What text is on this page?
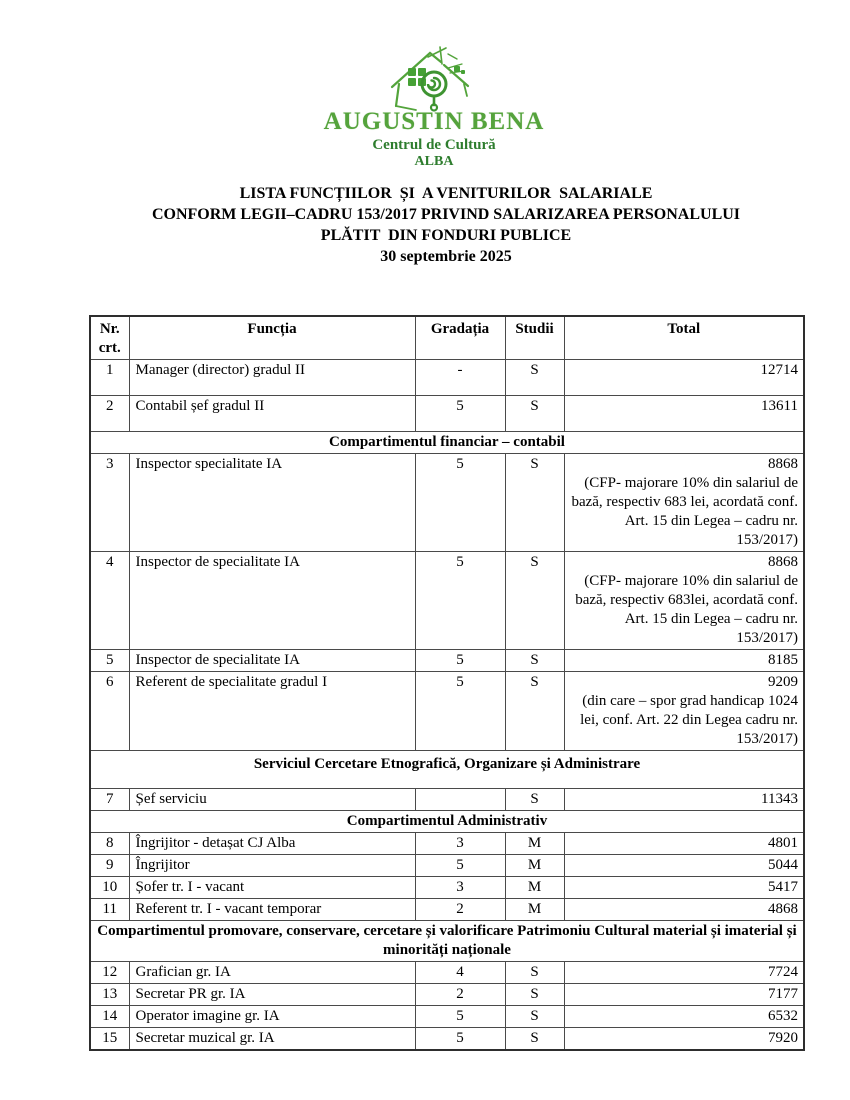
AUGUSTIN BENA
Centrul de Cultură
ALBA
LISTA FUNCȚIILOR  ȘI  A VENITURILOR  SALARIALE
CONFORM LEGII–CADRU 153/2017 PRIVIND SALARIZAREA PERSONALULUI
PLĂTIT  DIN FONDURI PUBLICE
30 septembrie 2025
Nr. crt.	Funcția	Gradația	Studii	Total
1	Manager (director) gradul II	-	S	12714

2	Contabil șef gradul II	5	S	13611

Compartimentul financiar – contabil				
3	Inspector specialitate IA	5	S	8868
(CFP- majorare 10% din salariul de bază, respectiv 683 lei, acordată conf. Art. 15 din Legea – cadru nr. 153/2017)

4	Inspector de specialitate IA	5	S	8868
(CFP- majorare 10% din salariul de bază, respectiv 683lei, acordată conf. Art. 15 din Legea – cadru nr. 153/2017)

5	Inspector de specialitate IA	5	S	8185

6	Referent de specialitate gradul I	5	S	9209
(din care – spor grad handicap 1024 lei, conf. Art. 22 din Legea cadru nr. 153/2017)

Serviciul Cercetare Etnografică, Organizare și Administrare				
7	Șef serviciu		S	11343

Compartimentul Administrativ				
8	Îngrijitor - detașat CJ Alba	3	M	4801

9	Îngrijitor	5	M	5044

10	Șofer tr. I - vacant	3	M	5417

11	Referent tr. I - vacant temporar	2	M	4868

Compartimentul promovare, conservare, cercetare și valorificare Patrimoniu Cultural material și imaterial și minorități naționale				
12	Grafician gr. IA	4	S	7724

13	Secretar PR gr. IA	2	S	7177

14	Operator imagine gr. IA	5	S	6532

15	Secretar muzical gr. IA	5	S	7920
